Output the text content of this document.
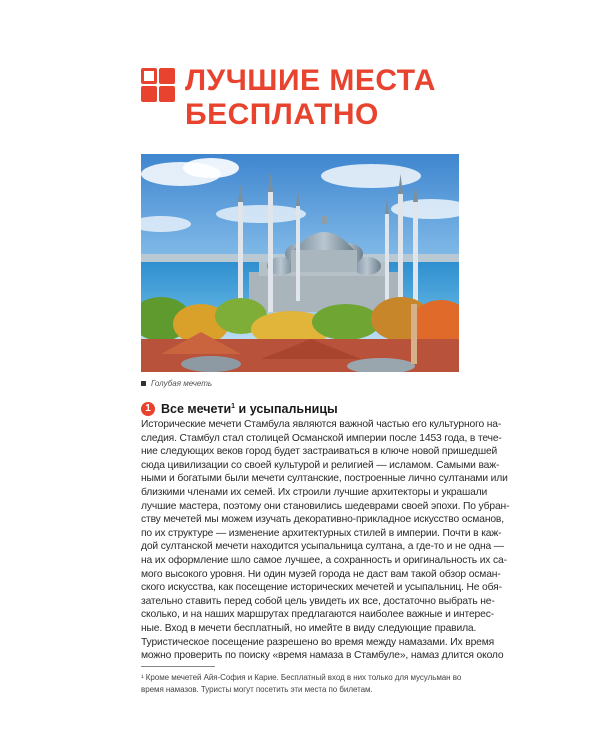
ЛУЧШИЕ МЕСТА
БЕСПЛАТНО
Голубая мечеть
1 Все мечети$^1$ и усыпальницы
Исторические мечети Стамбула являются важной частью его культурного на-
следия. Стамбул стал столицей Османской империи после 1453 года, в тече-
ние следующих веков город будет застраиваться в ключе новой пришедшей
сюда цивилизации со своей культурой и религией — исламом. Самыми важ-
ными и богатыми были мечети султанские, построенные лично султанами или
близкими членами их семей. Их строили лучшие архитекторы и украшали
лучшие мастера, поэтому они становились шедеврами своей эпохи. По убран-
ству мечетей мы можем изучать декоративно-прикладное искусство османов,
по их структуре — изменение архитектурных стилей в империи. Почти в каж-
дой султанской мечети находится усыпальница султана, а где-то и не одна —
на их оформление шло самое лучшее, а сохранность и оригинальность их са-
мого высокого уровня. Ни один музей города не даст вам такой обзор осман-
ского искусства, как посещение исторических мечетей и усыпальниц. Не обя-
зательно ставить перед собой цель увидеть их все, достаточно выбрать не-
сколько, и на наших маршрутах предлагаются наиболее важные и интерес-
ные. Вход в мечети бесплатный, но имейте в виду следующие правила.
Туристическое посещение разрешено во время между намазами. Их время
можно проверить по поиску «время намаза в Стамбуле», намаз длится около
¹ Кроме мечетей Айя-София и Карие. Бесплатный вход в них только для мусульман во
время намазов. Туристы могут посетить эти места по билетам.
